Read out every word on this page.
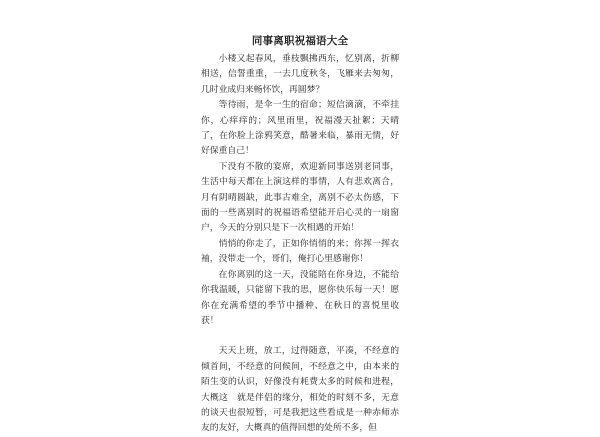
同事离职祝福语大全

小楼又起春风，垂枝飘拂西东，忆别离，折柳相送，信誓重重，一去几度秋冬，飞雁来去匆匆，几时业成归来畅怀饮，再圆梦？

等待雨，是伞一生的宿命；短信滴滴，不牵挂你，心痒痒的；风里雨里，祝福漫天扯絮；天晴了，在你脸上涂鸦笑意，酷暑来临，暴雨无情，好好保重自己！

下没有不散的宴席，欢迎新同事送别老同事，生活中每天都在上演这样的事情，人有悲欢离合，月有阴晴圆缺，此事古难全，离别不必太伤感，下面的一些离别时的祝福语希望能开启心灵的一扇窗户，今天的分别只是下一次相遇的开始！

悄悄的你走了，正如你悄悄的来；你挥一挥衣袖，没带走一个，哥们，俺打心里感谢你！

在你离别的这一天，没能陪在你身边，不能给你我温暖，只能留下我的思，愿你快乐每一天！愿你在充满希望的季节中播种、在秋日的喜悦里收获！

天天上班，放工，过得随意，平凑，不经意的倾首间，不经意的问候间，不经意之中，由本来的陌生变的认识，好像没有耗费太多的时候和进程，大概这　就是伴侣的缘分，相处的时刻不多，无意的谈天也很短暂，可是我把这些看成是一种赤师赤友的友好，大概真的值得回想的处所不多，但
